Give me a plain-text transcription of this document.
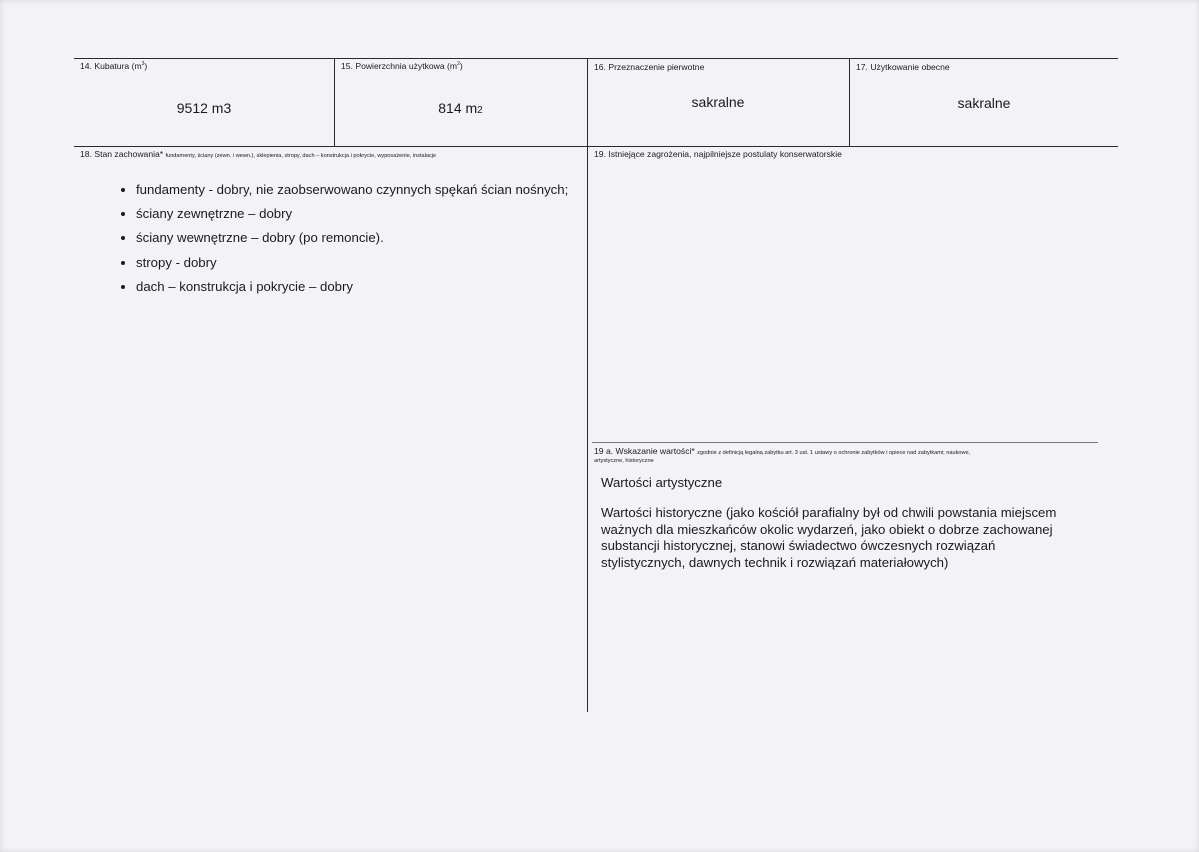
14. Kubatura $(m^3)$
9512 m3
15. Powierzchnia użytkowa $(m^2)$
814 m2
16. Przeznaczenie pierwotne
sakralne
17. Użytkowanie obecne
sakralne
18. Stan zachowania* fundamenty, ściany (zewn. i wewn.), sklepienia, stropy, dach – konstrukcja i pokrycie, wyposażenie, instalacje
• fundamenty - dobry, nie zaobserwowano czynnych spękań ścian nośnych;
• ściany zewnętrzne – dobry
• ściany wewnętrzne – dobry (po remoncie).
• stropy - dobry
• dach – konstrukcja i pokrycie – dobry
19. Istniejące zagrożenia, najpilniejsze postulaty konserwatorskie
19 a. Wskazanie wartości* zgodnie z definicją legalną zabytku art. 3 ust. 1 ustawy o ochronie zabytków i opiece nad zabytkami; naukowe,
artystyczne, historyczne
Wartości artystyczne
Wartości historyczne (jako kościół parafialny był od chwili powstania miejscem ważnych dla mieszkańców okolic wydarzeń, jako obiekt o dobrze zachowanej substancji historycznej, stanowi świadectwo ówczesnych rozwiązań stylistycznych, dawnych technik i rozwiązań materiałowych)
